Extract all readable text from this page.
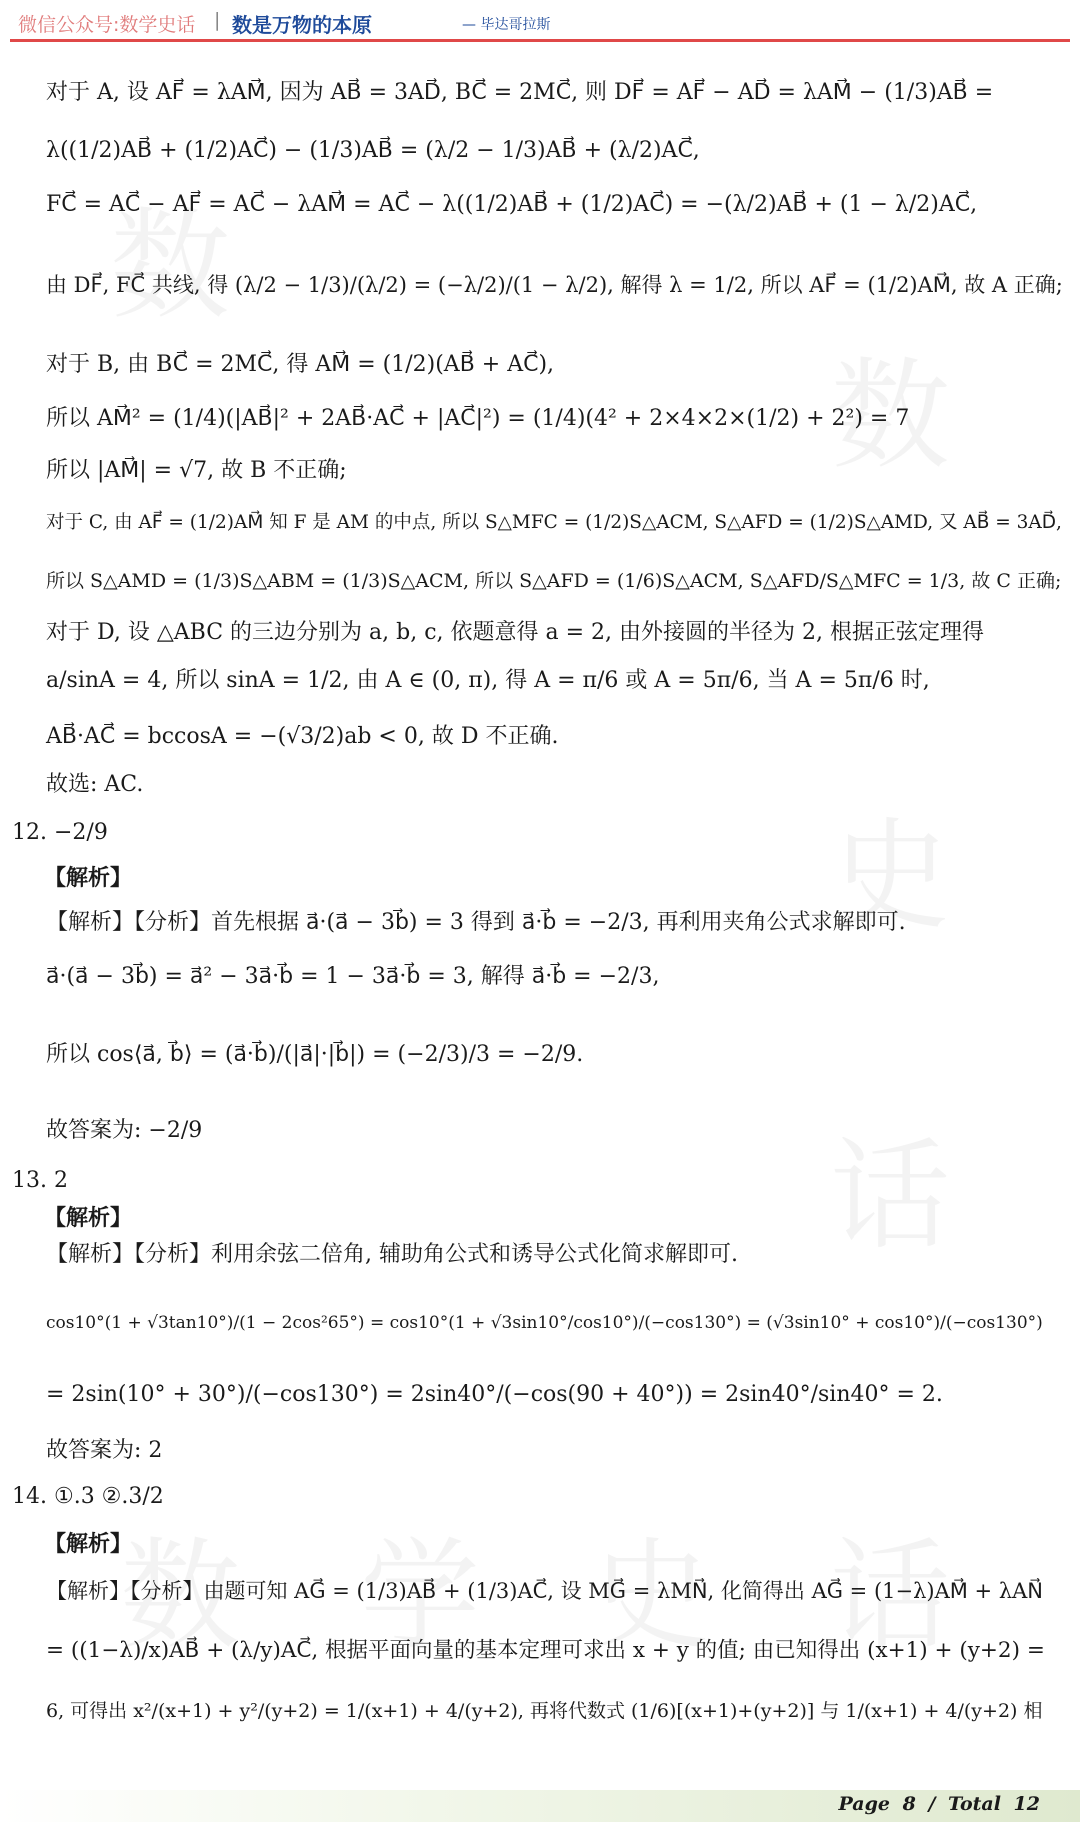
微信公众号:数学史话 | 数是万物的本原	— 毕达哥拉斯
对于 A, 设 AF⃗ = λAM⃗, 因为 AB⃗ = 3AD⃗, BC⃗ = 2MC⃗, 则 DF⃗ = AF⃗ − AD⃗ = λAM⃗ − (1/3)AB⃗ =
λ((1/2)AB⃗ + (1/2)AC⃗) − (1/3)AB⃗ = (λ/2 − 1/3)AB⃗ + (λ/2)AC⃗,
FC⃗ = AC⃗ − AF⃗ = AC⃗ − λAM⃗ = AC⃗ − λ((1/2)AB⃗ + (1/2)AC⃗) = −(λ/2)AB⃗ + (1 − λ/2)AC⃗,
由 DF⃗, FC⃗ 共线, 得 (λ/2 − 1/3)/(λ/2) = (−λ/2)/(1 − λ/2), 解得 λ = 1/2, 所以 AF⃗ = (1/2)AM⃗, 故 A 正确;
对于 B, 由 BC⃗ = 2MC⃗, 得 AM⃗ = (1/2)(AB⃗ + AC⃗),
所以 AM⃗² = (1/4)(|AB⃗|² + 2AB⃗·AC⃗ + |AC⃗|²) = (1/4)(4² + 2×4×2×(1/2) + 2²) = 7
所以 |AM⃗| = √7, 故 B 不正确;
对于 C, 由 AF⃗ = (1/2)AM⃗ 知 F 是 AM 的中点, 所以 S△MFC = (1/2)S△ACM, S△AFD = (1/2)S△AMD, 又 AB⃗ = 3AD⃗,
所以 S△AMD = (1/3)S△ABM = (1/3)S△ACM, 所以 S△AFD = (1/6)S△ACM, S△AFD/S△MFC = 1/3, 故 C 正确;
对于 D, 设 △ABC 的三边分别为 a, b, c, 依题意得 a = 2, 由外接圆的半径为 2, 根据正弦定理得
a/sinA = 4, 所以 sinA = 1/2, 由 A ∈ (0, π), 得 A = π/6 或 A = 5π/6, 当 A = 5π/6 时,
AB⃗·AC⃗ = bccosA = −(√3/2)ab < 0, 故 D 不正确.
故选: AC.
12. −2/9
【解析】
【解析】【分析】首先根据 a⃗·(a⃗ − 3b⃗) = 3 得到 a⃗·b⃗ = −2/3, 再利用夹角公式求解即可.
a⃗·(a⃗ − 3b⃗) = a⃗² − 3a⃗·b⃗ = 1 − 3a⃗·b⃗ = 3, 解得 a⃗·b⃗ = −2/3,
所以 cos⟨a⃗, b⃗⟩ = (a⃗·b⃗)/(|a⃗|·|b⃗|) = (−2/3)/3 = −2/9.
故答案为: −2/9
13. 2
【解析】
【解析】【分析】利用余弦二倍角, 辅助角公式和诱导公式化简求解即可.
cos10°(1 + √3tan10°)/(1 − 2cos²65°) = cos10°(1 + √3sin10°/cos10°)/(−cos130°) = (√3sin10° + cos10°)/(−cos130°)
= 2sin(10° + 30°)/(−cos130°) = 2sin40°/(−cos(90 + 40°)) = 2sin40°/sin40° = 2.
故答案为: 2
14. ①.3 ②.3/2
【解析】
【解析】【分析】由题可知 AG⃗ = (1/3)AB⃗ + (1/3)AC⃗, 设 MG⃗ = λMN⃗, 化简得出 AG⃗ = (1−λ)AM⃗ + λAN⃗
= ((1−λ)/x)AB⃗ + (λ/y)AC⃗, 根据平面向量的基本定理可求出 x + y 的值; 由已知得出 (x+1) + (y+2) =
6, 可得出 x²/(x+1) + y²/(y+2) = 1/(x+1) + 4/(y+2), 再将代数式 (1/6)[(x+1)+(y+2)] 与 1/(x+1) + 4/(y+2) 相
Page 8 / Total 12
